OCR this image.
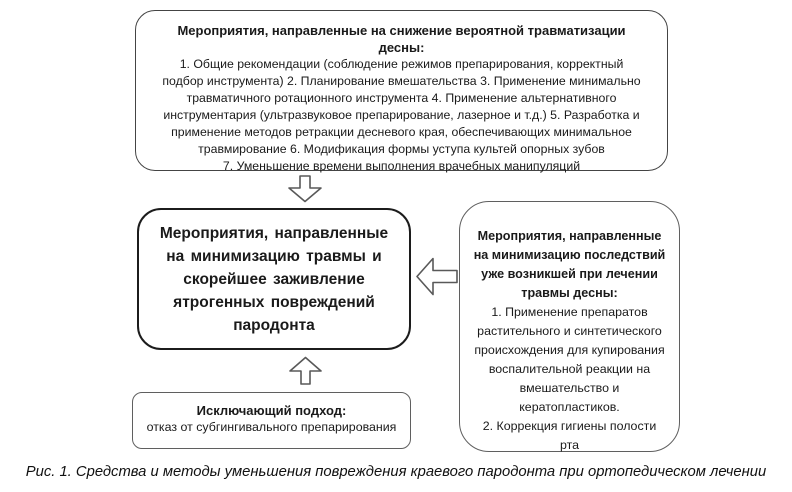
Мероприятия, направленные на снижение вероятной травматизации десны:
1. Общие рекомендации (соблюдение режимов препарирования, корректный подбор инструмента) 2. Планирование вмешательства 3. Применение минимально травматичного ротационного инструмента 4. Применение альтернативного инструментария (ультразвуковое препарирование, лазерное и т.д.) 5. Разработка и применение методов ретракции десневого края, обеспечивающих минимальное травмирование 6. Модификация формы уступа культей опорных зубов
7. Уменьшение времени выполнения врачебных манипуляций
Мероприятия, направленные на минимизацию травмы и скорейшее заживление ятрогенных повреждений пародонта
Мероприятия, направленные на минимизацию последствий уже возникшей при лечении травмы десны:
1. Применение препаратов растительного и синтетического происхождения для купирования воспалительной реакции на вмешательство и кератопластиков.
2. Коррекция гигиены полости рта
Исключающий подход:
отказ от субгингивального препарирования
Рис. 1. Средства и методы уменьшения повреждения краевого пародонта при ортопедическом лечении
